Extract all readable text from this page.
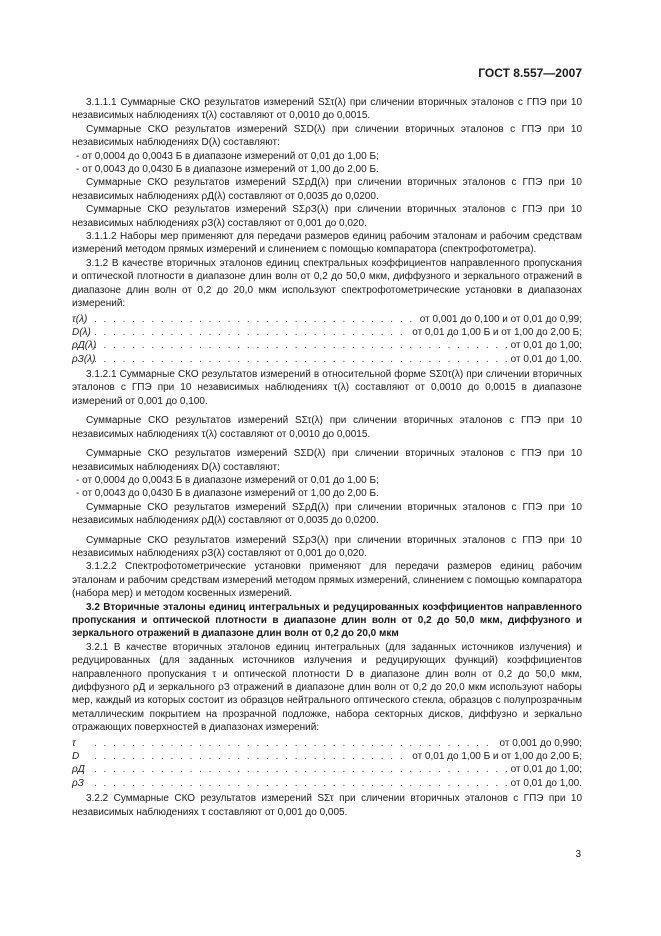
ГОСТ 8.557—2007
3.1.1.1 Суммарные СКО результатов измерений SΣτ(λ) при сличении вторичных эталонов с ГПЭ при 10 независимых наблюдениях τ(λ) составляют от 0,0010 до 0,0015.
Суммарные СКО результатов измерений SΣD(λ) при сличении вторичных эталонов с ГПЭ при 10 независимых наблюдениях D(λ) составляют:
- от 0,0004 до 0,0043 Б в диапазоне измерений от 0,01 до 1,00 Б;
- от 0,0043 до 0,0430 Б в диапазоне измерений от 1,00 до 2,00 Б.
Суммарные СКО результатов измерений SΣρД(λ) при сличении вторичных эталонов с ГПЭ при 10 независимых наблюдениях ρД(λ) составляют от 0,0035 до 0,0200.
Суммарные СКО результатов измерений SΣρЗ(λ) при сличении вторичных эталонов с ГПЭ при 10 независимых наблюдениях ρЗ(λ) составляют от 0,001 до 0,020.
3.1.1.2 Наборы мер применяют для передачи размеров единиц рабочим эталонам и рабочим средствам измерений методом прямых измерений и слинением с помощью компаратора (спектрофотометра).
3.1.2 В качестве вторичных эталонов единиц спектральных коэффициентов направленного пропускания и оптической плотности в диапазоне длин волн от 0,2 до 50,0 мкм, диффузного и зеркального отражений в диапазоне длин волн от 0,2 до 20,0 мкм используют спектрофотометрические установки в диапазонах измерений:
τ(λ) . . .	от 0,001 до 0,100 и от 0,01 до 0,99;
D(λ) . . .	от 0,01 до 1,00 Б и от 1,00 до 2,00 Б;
ρД(λ) . . .	от 0,01 до 1,00;
ρЗ(λ) . . .	от 0,01 до 1,00.
3.1.2.1 Суммарные СКО результатов измерений в относительной форме SΣ0τ(λ) при сличении вторичных эталонов с ГПЭ при 10 независимых наблюдениях τ(λ) составляют от 0,0010 до 0,0015 в диапазоне измерений от 0,001 до 0,100.
Суммарные СКО результатов измерений SΣτ(λ) при сличении вторичных эталонов с ГПЭ при 10 независимых наблюдениях τ(λ) составляют от 0,0010 до 0,0015.
Суммарные СКО результатов измерений SΣD(λ) при сличении вторичных эталонов с ГПЭ при 10 независимых наблюдениях D(λ) составляют:
- от 0,0004 до 0,0043 Б в диапазоне измерений от 0,01 до 1,00 Б;
- от 0,0043 до 0,0430 Б в диапазоне измерений от 1,00 до 2,00 Б.
Суммарные СКО результатов измерений SΣρД(λ) при сличении вторичных эталонов с ГПЭ при 10 независимых наблюдениях ρД(λ) составляют от 0,0035 до 0,0200.
Суммарные СКО результатов измерений SΣρЗ(λ) при сличении вторичных эталонов с ГПЭ при 10 независимых наблюдениях ρЗ(λ) составляют от 0,001 до 0,020.
3.1.2.2 Спектрофотометрические установки применяют для передачи размеров единиц рабочим эталонам и рабочим средствам измерений методом прямых измерений, слинением с помощью компаратора (набора мер) и методом косвенных измерений.
3.2 Вторичные эталоны единиц интегральных и редуцированных коэффициентов направленного пропускания и оптической плотности в диапазоне длин волн от 0,2 до 50,0 мкм, диффузного и зеркального отражений в диапазоне длин волн от 0,2 до 20,0 мкм
3.2.1 В качестве вторичных эталонов единиц интегральных (для заданных источников излучения) и редуцированных (для заданных источников излучения и редуцирующих функций) коэффициентов направленного пропускания τ и оптической плотности D в диапазоне длин волн от 0,2 до 50,0 мкм, диффузного ρД и зеркального ρЗ отражений в диапазоне длин волн от 0,2 до 20,0 мкм используют наборы мер, каждый из которых состоит из образцов нейтрального оптического стекла, образцов с полупрозрачным металлическим покрытием на прозрачной подложке, набора секторных дисков, диффузно и зеркально отражающих поверхностей в диапазонах измерений:
τ . . .	от 0,001 до 0,990;
D . . .	от 0,01 до 1,00 Б и от 1,00 до 2,00 Б;
ρД . . .	от 0,01 до 1,00;
ρЗ . . .	от 0,01 до 1,00.
3.2.2 Суммарные СКО результатов измерений SΣτ при сличении вторичных эталонов с ГПЭ при 10 независимых наблюдениях τ составляют от 0,001 до 0,005.
3
